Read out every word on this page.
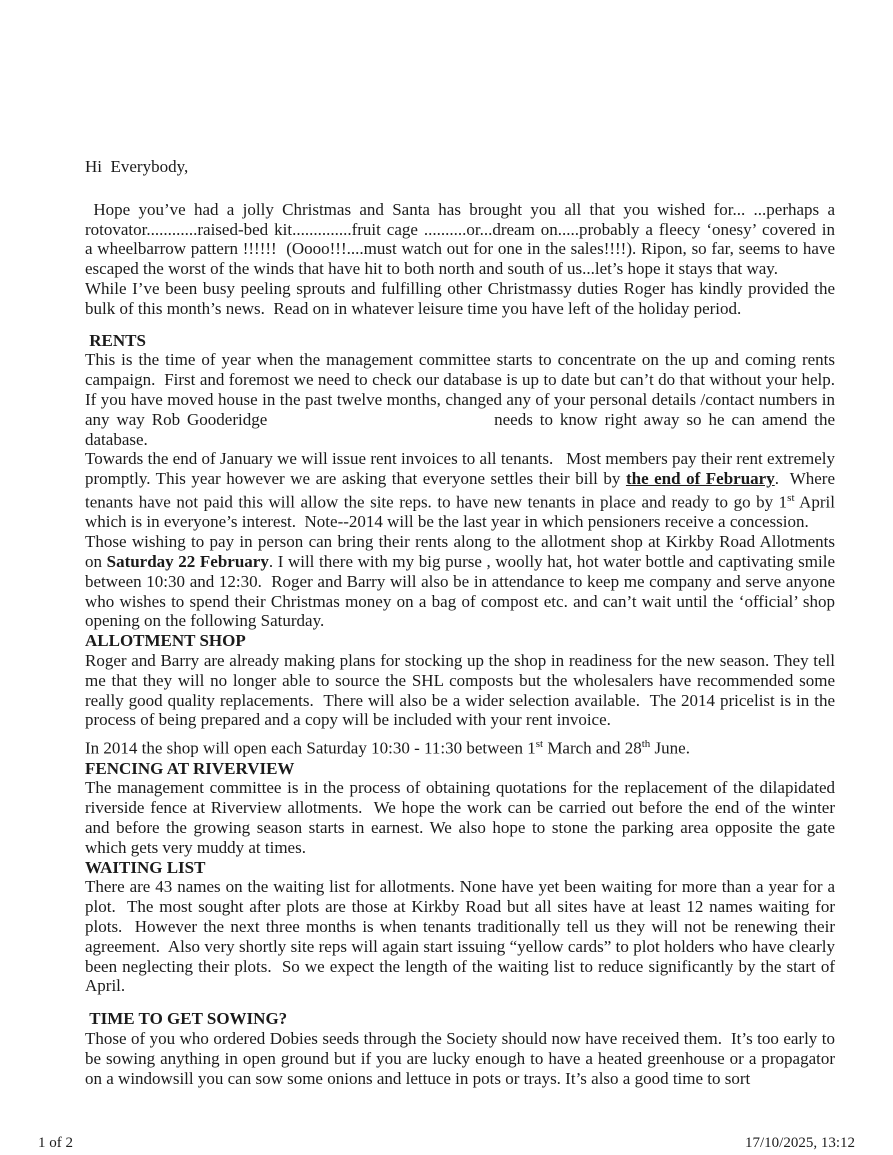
Hi  Everybody,

Hope you’ve had a jolly Christmas and Santa has brought you all that you wished for... ...perhaps a rotovator............raised-bed kit..............fruit cage ..........or...dream on.....probably a fleecy ‘onesy’ covered in  a wheelbarrow pattern !!!!!!  (Oooo!!!....must watch out for one in the sales!!!!). Ripon, so far, seems to have escaped the worst of the winds that have hit to both north and south of us...let’s hope it stays that way.

While I’ve been busy peeling sprouts and fulfilling other Christmassy duties Roger has kindly provided the bulk of this month’s news.  Read on in whatever leisure time you have left of the holiday period.

RENTS

This is the time of year when the management committee starts to concentrate on the up and coming rents campaign.  First and foremost we need to check our database is up to date but can’t do that without your help.  If you have moved house in the past twelve months, changed any of your personal details /contact numbers in any way Rob Gooderidge	needs to know right away so he can amend the database.

Towards the end of January we will issue rent invoices to all tenants.   Most members pay their rent extremely promptly. This year however we are asking that everyone settles their bill by the end of February.  Where tenants have not paid this will allow the site reps. to have new tenants in place and ready to go by 1st April which is in everyone’s interest.  Note--2014 will be the last year in which pensioners receive a concession.

Those wishing to pay in person can bring their rents along to the allotment shop at Kirkby Road Allotments on Saturday 22 February. I will there with my big purse , woolly hat, hot water bottle and captivating smile between 10:30 and 12:30.  Roger and Barry will also be in attendance to keep me company and serve anyone who wishes to spend their Christmas money on a bag of compost etc. and can’t wait until the ‘official’ shop opening on the following Saturday.

ALLOTMENT SHOP

Roger and Barry are already making plans for stocking up the shop in readiness for the new season. They tell me that they will no longer able to source the SHL composts but the wholesalers have recommended some really good quality replacements.  There will also be a wider selection available.  The 2014 pricelist is in the process of being prepared and a copy will be included with your rent invoice.

In 2014 the shop will open each Saturday 10:30 - 11:30 between 1st March and 28th June.

FENCING AT RIVERVIEW

The management committee is in the process of obtaining quotations for the replacement of the dilapidated riverside fence at Riverview allotments.  We hope the work can be carried out before the end of the winter and before the growing season starts in earnest. We also hope to stone the parking area opposite the gate which gets very muddy at times.

WAITING LIST

There are 43 names on the waiting list for allotments. None have yet been waiting for more than a year for a plot.  The most sought after plots are those at Kirkby Road but all sites have at least 12 names waiting for plots.  However the next three months is when tenants traditionally tell us they will not be renewing their agreement.  Also very shortly site reps will again start issuing “yellow cards” to plot holders who have clearly been neglecting their plots.  So we expect the length of the waiting list to reduce significantly by the start of April.

TIME TO GET SOWING?

Those of you who ordered Dobies seeds through the Society should now have received them.  It’s too early to be sowing anything in open ground but if you are lucky enough to have a heated greenhouse or a propagator on a windowsill you can sow some onions and lettuce in pots or trays. It’s also a good time to sort

1 of 2	17/10/2025, 13:12
